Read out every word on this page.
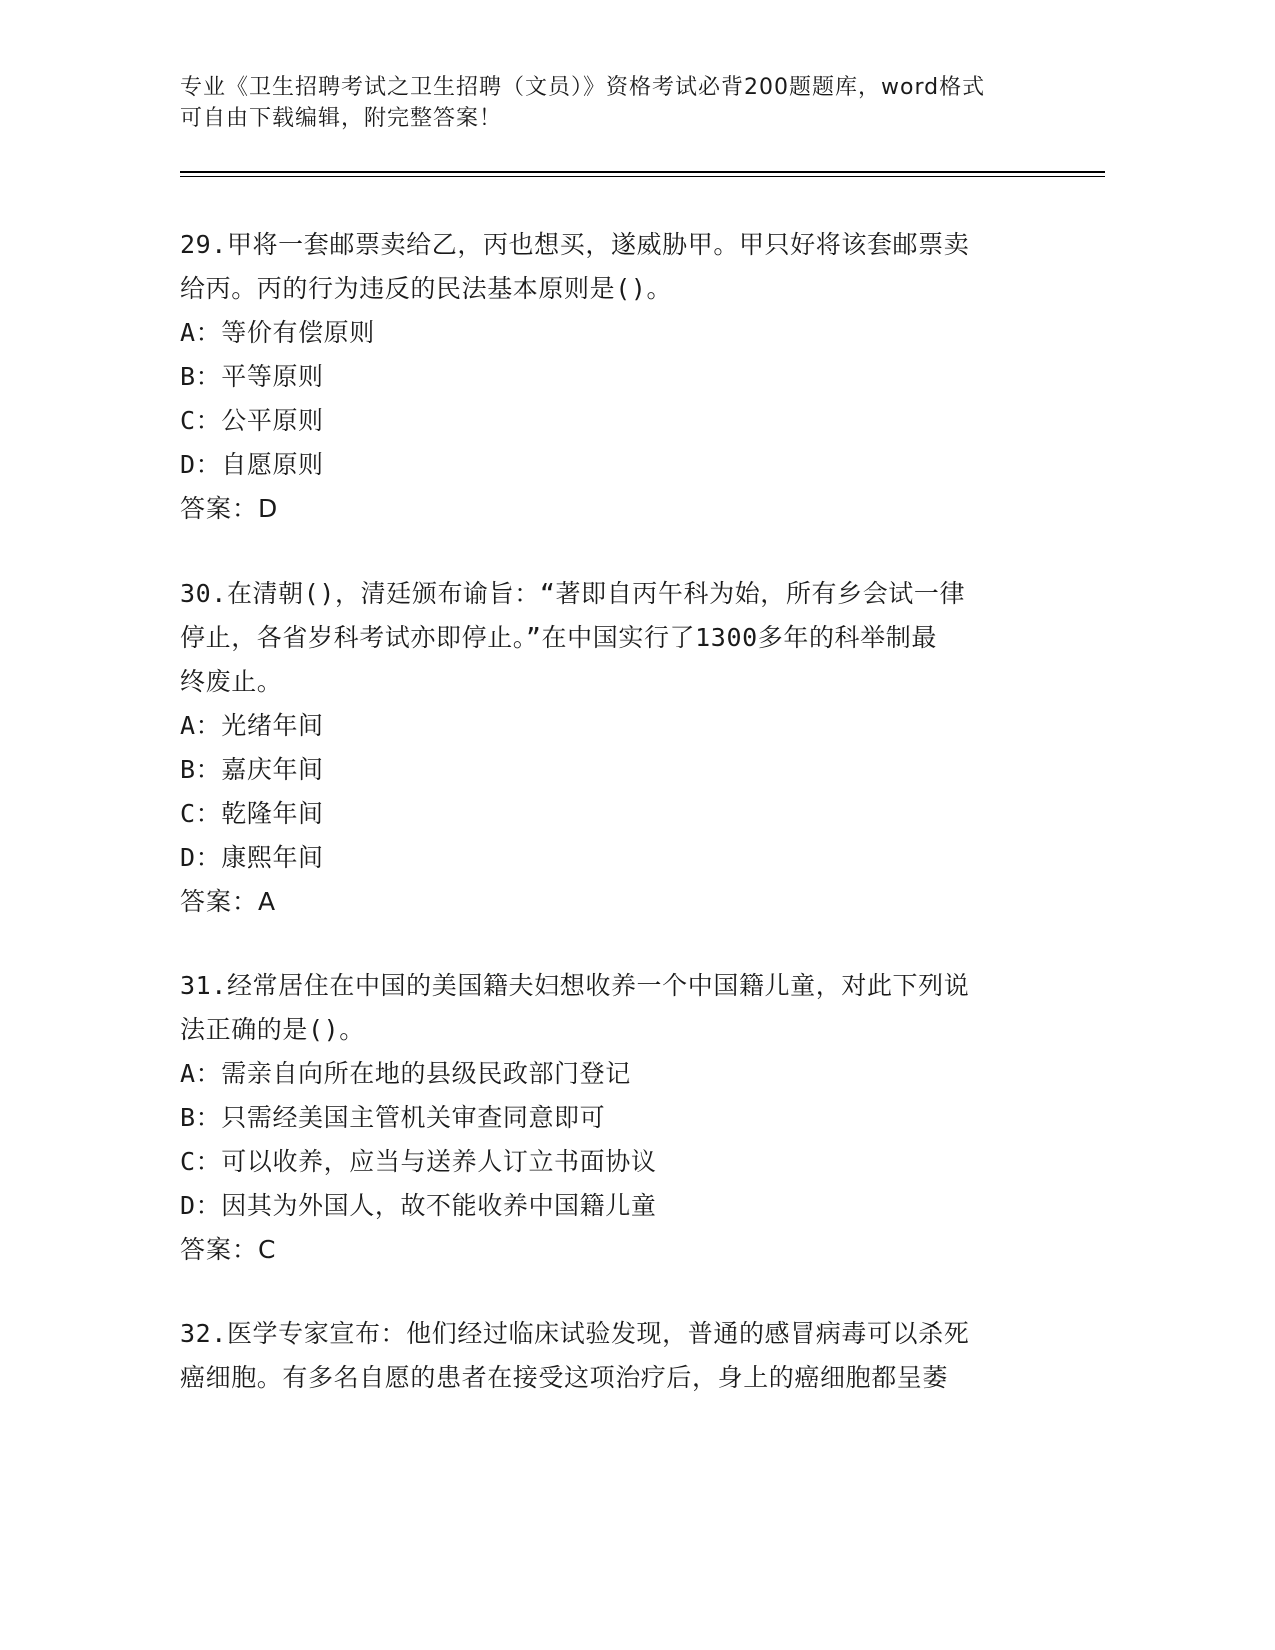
专业《卫生招聘考试之卫生招聘（文员）》资格考试必背200题题库，word格式
可自由下载编辑，附完整答案！
29.甲将一套邮票卖给乙，丙也想买，遂威胁甲。甲只好将该套邮票卖
给丙。丙的行为违反的民法基本原则是()。
A：等价有偿原则
B：平等原则
C：公平原则
D：自愿原则
答案：D
30.在清朝()，清廷颁布谕旨：“著即自丙午科为始，所有乡会试一律
停止，各省岁科考试亦即停止。”在中国实行了1300多年的科举制最
终废止。
A：光绪年间
B：嘉庆年间
C：乾隆年间
D：康熙年间
答案：A
31.经常居住在中国的美国籍夫妇想收养一个中国籍儿童，对此下列说
法正确的是()。
A：需亲自向所在地的县级民政部门登记
B：只需经美国主管机关审查同意即可
C：可以收养，应当与送养人订立书面协议
D：因其为外国人，故不能收养中国籍儿童
答案：C
32.医学专家宣布：他们经过临床试验发现，普通的感冒病毒可以杀死
癌细胞。有多名自愿的患者在接受这项治疗后，身上的癌细胞都呈萎
